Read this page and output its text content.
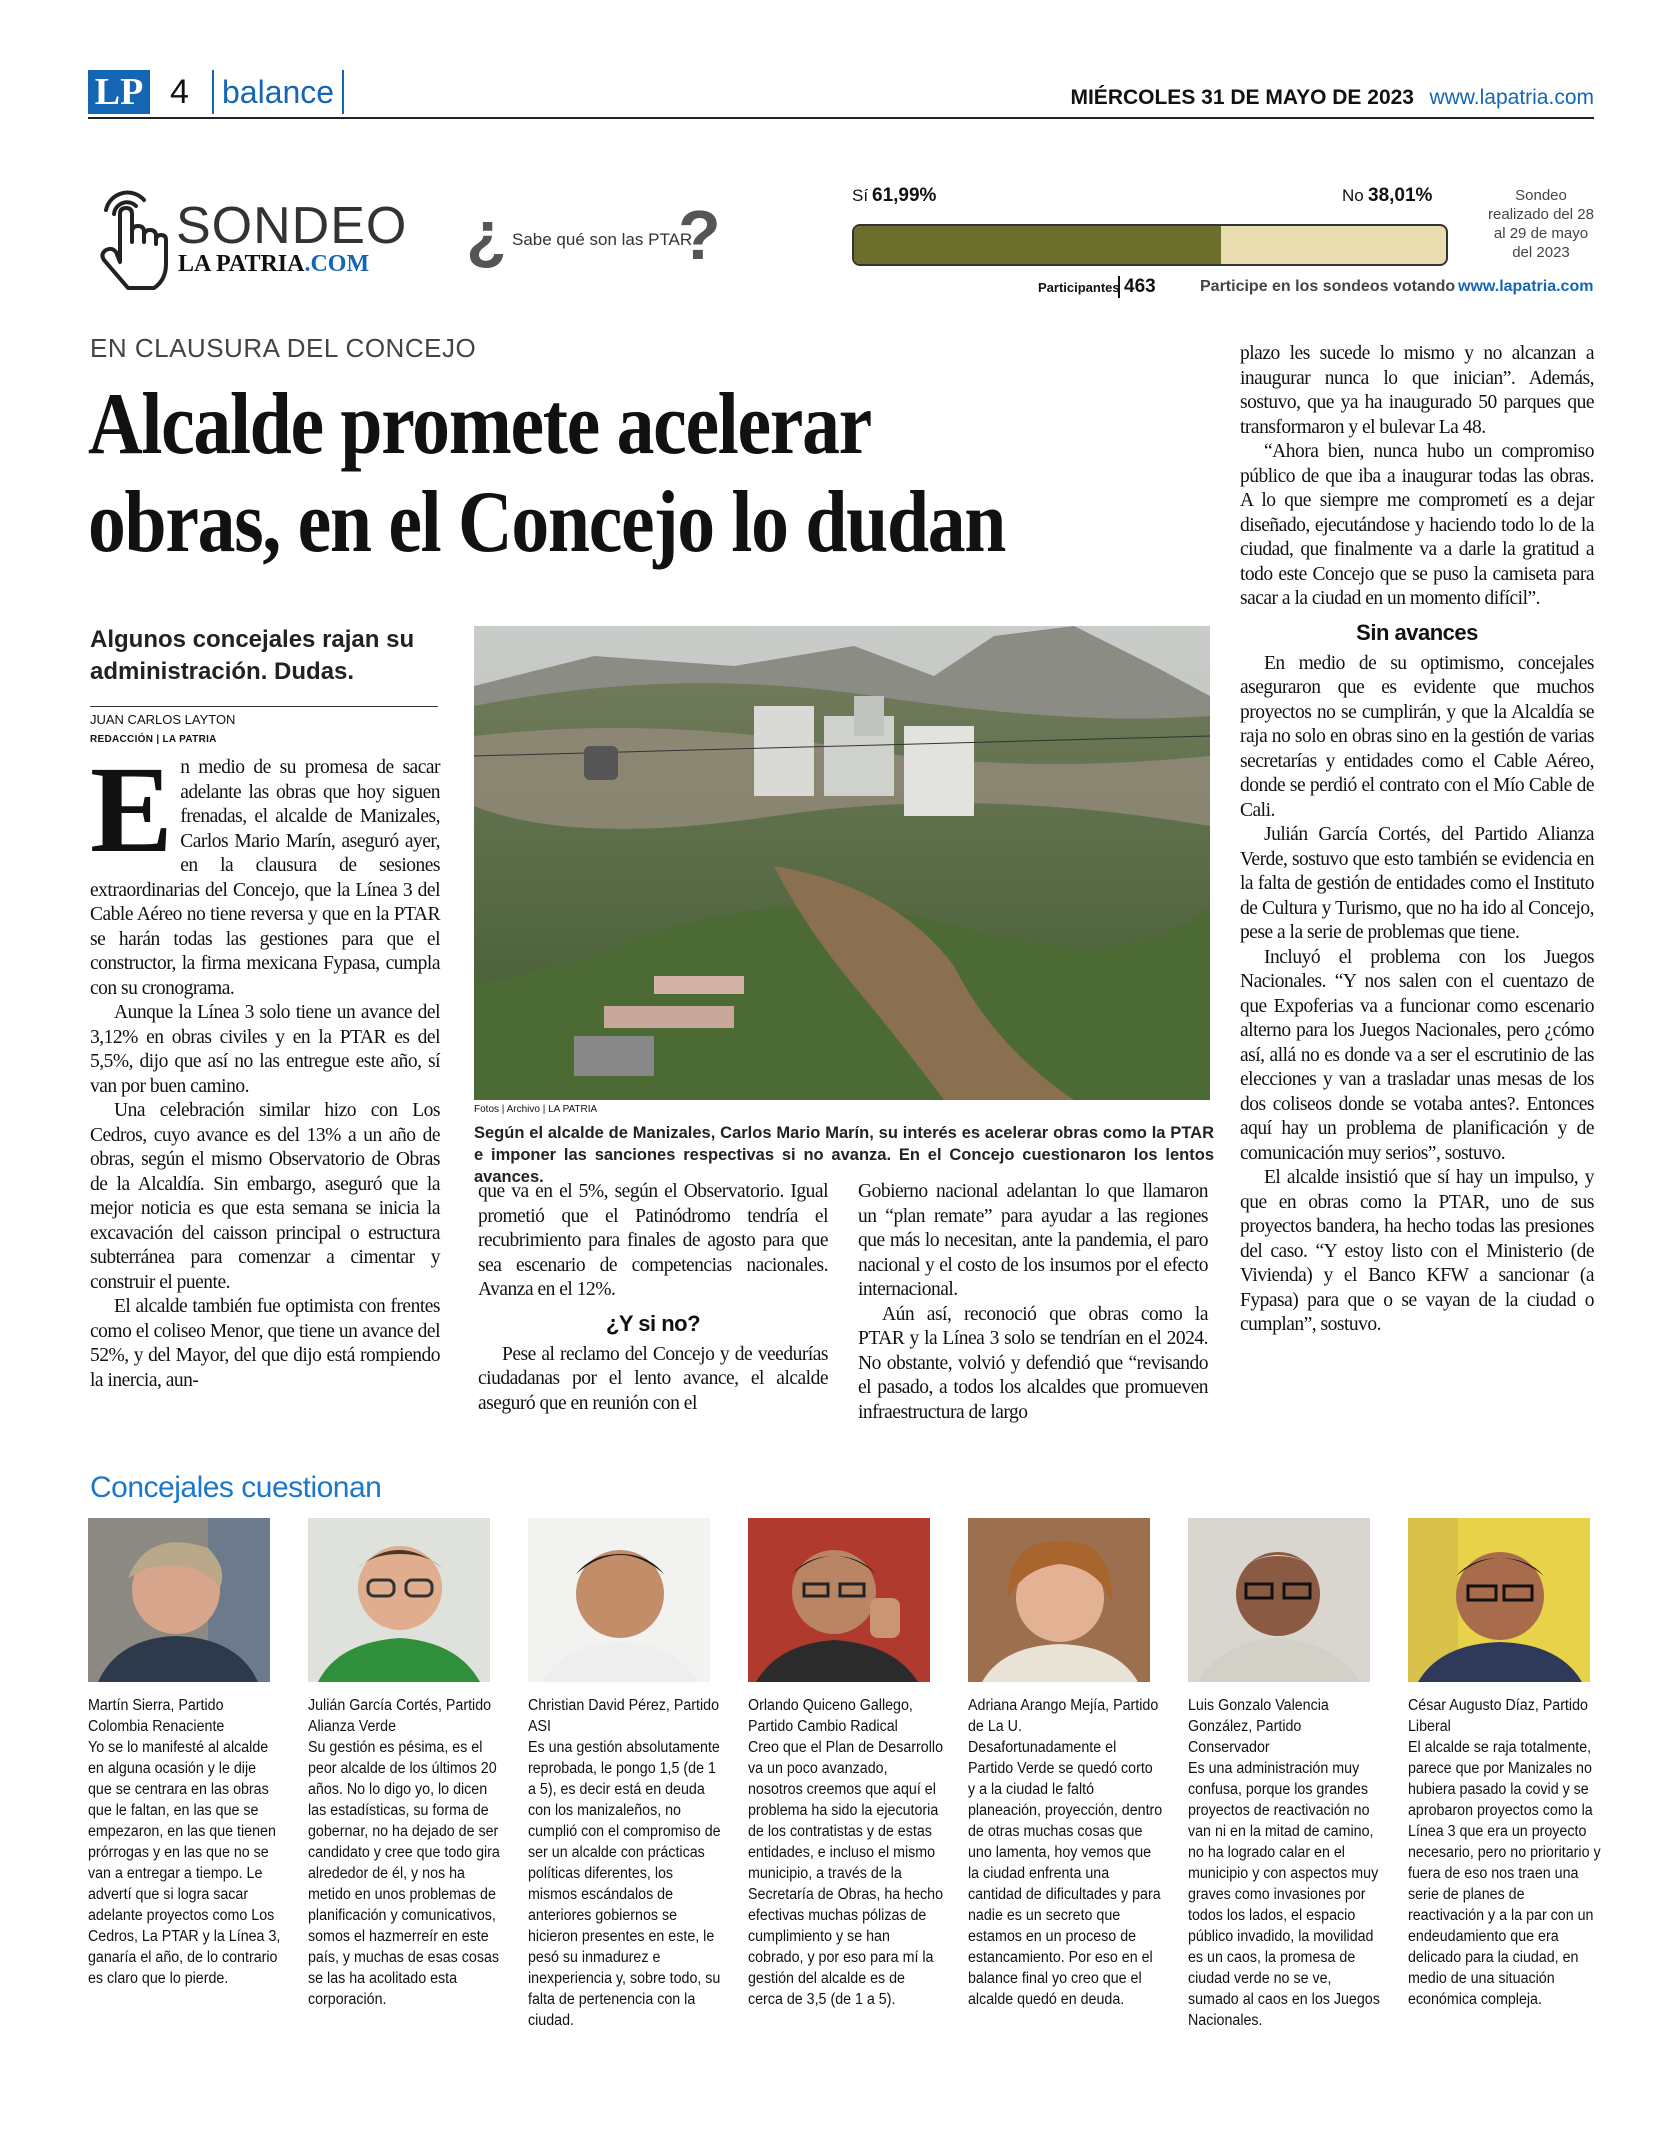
LP 4	balance	MIÉRCOLES 31 DE MAYO DE 2023 www.lapatria.com
SONDEO
LA PATRIA.COM ? Sabe qué son las PTAR
?
Sí 61,99%	No 38,01%
Participantes 463	Participe en los sondeos votando www.lapatria.com
Sondeo realizado del 28 al 29 de mayo del 2023
EN CLAUSURA DEL CONCEJO
Alcalde promete acelerar
obras, en el Concejo lo dudan
Algunos concejales rajan su administración. Dudas.
JUAN CARLOS LAYTON
REDACCIÓN | LA PATRIA

En medio de su promesa de sacar adelante las obras que hoy siguen frenadas, el alcalde de Manizales, Carlos Mario Marín, aseguró ayer, en la clausura de sesiones extraordinarias del Concejo, que la Línea 3 del Cable Aéreo no tiene reversa y que en la PTAR se harán todas las gestiones para que el constructor, la firma mexicana Fypasa, cumpla con su cronograma.

Aunque la Línea 3 solo tiene un avance del 3,12% en obras civiles y en la PTAR es del 5,5%, dijo que así no las entregue este año, sí van por buen camino.

Una celebración similar hizo con Los Cedros, cuyo avance es del 13% a un año de obras, según el mismo Observatorio de Obras de la Alcaldía. Sin embargo, aseguró que la mejor noticia es que esta semana se inicia la excavación del caisson principal o estructura subterránea para comenzar a cimentar y construir el puente.

El alcalde también fue optimista con frentes como el coliseo Menor, que tiene un avance del 52%, y del Mayor, del que dijo está rompiendo la inercia, aun-

Fotos | Archivo | LA PATRIA
Según el alcalde de Manizales, Carlos Mario Marín, su interés es acelerar obras como la PTAR e imponer las sanciones respectivas si no avanza. En el Concejo cuestionaron los lentos avances.

que va en el 5%, según el Observatorio. Igual prometió que el Patinódromo tendría el recubrimiento para finales de agosto para que sea escenario de competencias nacionales. Avanza en el 12%.

¿Y si no?

Pese al reclamo del Concejo y de veedurías ciudadanas por el lento avance, el alcalde aseguró que en reunión con el

Gobierno nacional adelantan lo que llamaron un “plan remate” para ayudar a las regiones que más lo necesitan, ante la pandemia, el paro nacional y el costo de los insumos por el efecto internacional.

Aún así, reconoció que obras como la PTAR y la Línea 3 solo se tendrían en el 2024. No obstante, volvió y defendió que “revisando el pasado, a todos los alcaldes que promueven infraestructura de largo

plazo les sucede lo mismo y no alcanzan a inaugurar nunca lo que inician”. Además, sostuvo, que ya ha inaugurado 50 parques que transformaron y el bulevar La 48.

“Ahora bien, nunca hubo un compromiso público de que iba a inaugurar todas las obras. A lo que siempre me comprometí es a dejar diseñado, ejecutándose y haciendo todo lo de la ciudad, que finalmente va a darle la gratitud a todo este Concejo que se puso la camiseta para sacar a la ciudad en un momento difícil”.

Sin avances

En medio de su optimismo, concejales aseguraron que es evidente que muchos proyectos no se cumplirán, y que la Alcaldía se raja no solo en obras sino en la gestión de varias secretarías y entidades como el Cable Aéreo, donde se perdió el contrato con el Mío Cable de Cali.

Julián García Cortés, del Partido Alianza Verde, sostuvo que esto también se evidencia en la falta de gestión de entidades como el Instituto de Cultura y Turismo, que no ha ido al Concejo, pese a la serie de problemas que tiene.

Incluyó el problema con los Juegos Nacionales. “Y nos salen con el cuentazo de que Expoferias va a funcionar como escenario alterno para los Juegos Nacionales, pero ¿cómo así, allá no es donde va a ser el escrutinio de las elecciones y van a trasladar unas mesas de los dos coliseos donde se votaba antes?. Entonces aquí hay un problema de planificación y de comunicación muy serios”, sostuvo.

El alcalde insistió que sí hay un impulso, y que en obras como la PTAR, uno de sus proyectos bandera, ha hecho todas las presiones del caso. “Y estoy listo con el Ministerio (de Vivienda) y el Banco KFW a sancionar (a Fypasa) para que o se vayan de la ciudad o cumplan”, sostuvo.

Concejales cuestionan
Martín Sierra, Partido Colombia Renaciente
Yo se lo manifesté al alcalde en alguna ocasión y le dije que se centrara en las obras que le faltan, en las que se empezaron, en las que tienen prórrogas y en las que no se van a entregar a tiempo. Le advertí que si logra sacar adelante proyectos como Los Cedros, La PTAR y la Línea 3, ganaría el año, de lo contrario es claro que lo pierde.
Julián García Cortés, Partido Alianza Verde
Su gestión es pésima, es el peor alcalde de los últimos 20 años. No lo digo yo, lo dicen las estadísticas, su forma de gobernar, no ha dejado de ser candidato y cree que todo gira alrededor de él, y nos ha metido en unos problemas de planificación y comunicativos, somos el hazmerreír en este país, y muchas de esas cosas se las ha acolitado esta corporación.
Christian David Pérez, Partido ASI
Es una gestión absolutamente reprobada, le pongo 1,5 (de 1 a 5), es decir está en deuda con los manizaleños, no cumplió con el compromiso de ser un alcalde con prácticas políticas diferentes, los mismos escándalos de anteriores gobiernos se hicieron presentes en este, le pesó su inmadurez e inexperiencia y, sobre todo, su falta de pertenencia con la ciudad.
Orlando Quiceno Gallego, Partido Cambio Radical
Creo que el Plan de Desarrollo va un poco avanzado, nosotros creemos que aquí el problema ha sido la ejecutoria de los contratistas y de estas entidades, e incluso el mismo municipio, a través de la Secretaría de Obras, ha hecho efectivas muchas pólizas de cumplimiento y se han cobrado, y por eso para mí la gestión del alcalde es de cerca de 3,5 (de 1 a 5).
Adriana Arango Mejía, Partido de La U.
Desafortunadamente el Partido Verde se quedó corto y a la ciudad le faltó planeación, proyección, dentro de otras muchas cosas que uno lamenta, hoy vemos que la ciudad enfrenta una cantidad de dificultades y para nadie es un secreto que estamos en un proceso de estancamiento. Por eso en el balance final yo creo que el alcalde quedó en deuda.
Luis Gonzalo Valencia González, Partido Conservador
Es una administración muy confusa, porque los grandes proyectos de reactivación no van ni en la mitad de camino, no ha logrado calar en el municipio y con aspectos muy graves como invasiones por todos los lados, el espacio público invadido, la movilidad es un caos, la promesa de ciudad verde no se ve, sumado al caos en los Juegos Nacionales.
César Augusto Díaz, Partido Liberal
El alcalde se raja totalmente, parece que por Manizales no hubiera pasado la covid y se aprobaron proyectos como la Línea 3 que era un proyecto necesario, pero no prioritario y fuera de eso nos traen una serie de planes de reactivación y a la par con un endeudamiento que era delicado para la ciudad, en medio de una situación económica compleja.
